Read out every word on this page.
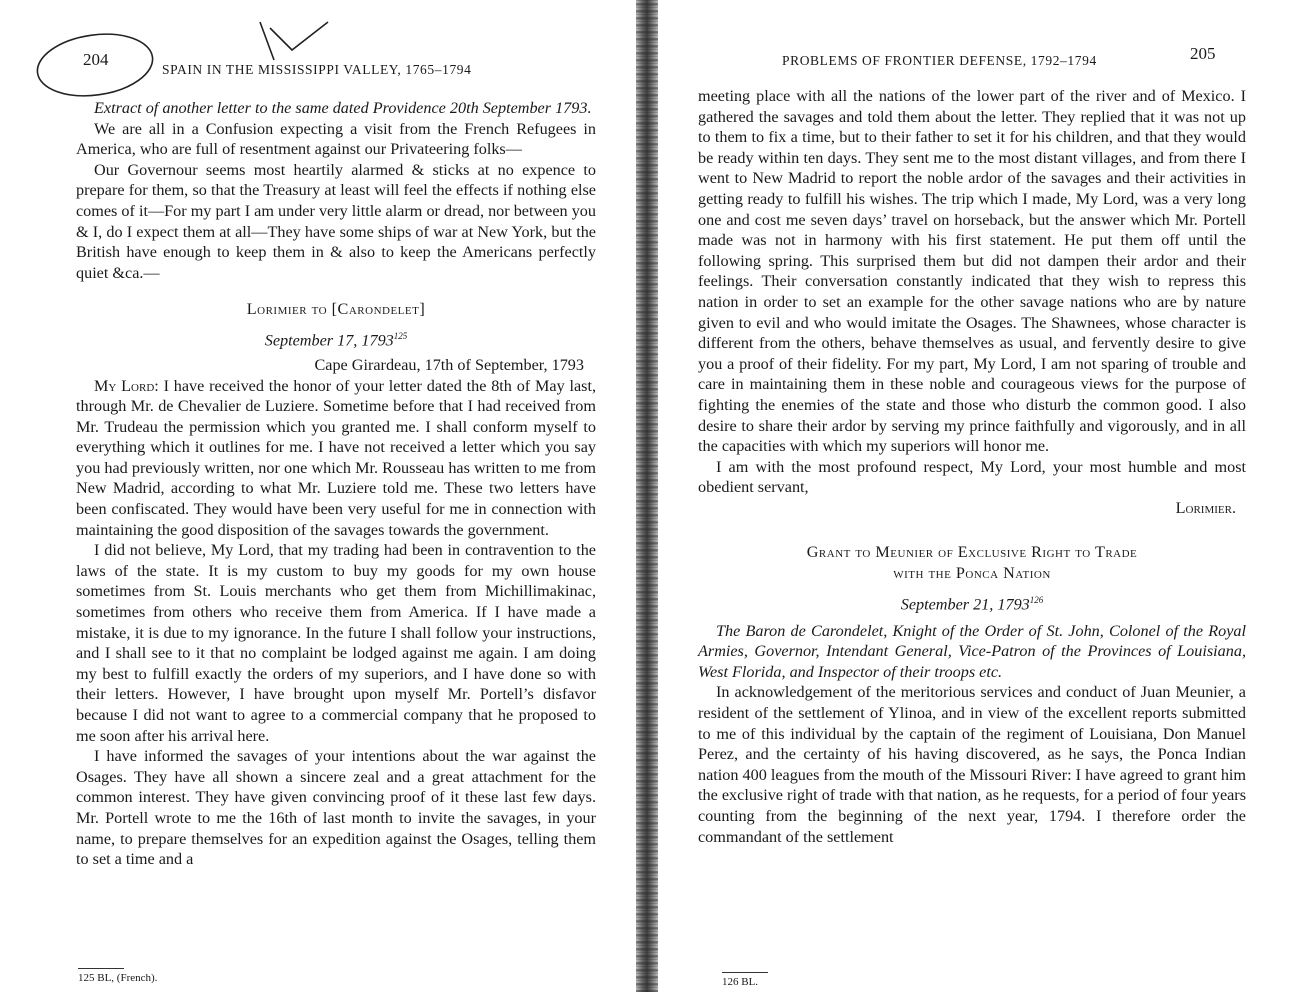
204
SPAIN IN THE MISSISSIPPI VALLEY, 1765–1794

Extract of another letter to the same dated Providence 20th September 1793.

We are all in a Confusion expecting a visit from the French Refugees in America, who are full of resentment against our Privateering folks—

Our Governour seems most heartily alarmed & sticks at no expence to prepare for them, so that the Treasury at least will feel the effects if nothing else comes of it—For my part I am under very little alarm or dread, nor between you & I, do I expect them at all—They have some ships of war at New York, but the British have enough to keep them in & also to keep the Americans perfectly quiet &ca.—

Lorimier to [Carondelet]

September 17, 1793$^{125}$

Cape Girardeau, 17th of September, 1793

My Lord: I have received the honor of your letter dated the 8th of May last, through Mr. de Chevalier de Luziere. Sometime before that I had received from Mr. Trudeau the permission which you granted me. I shall conform myself to everything which it outlines for me. I have not received a letter which you say you had previously written, nor one which Mr. Rousseau has written to me from New Madrid, according to what Mr. Luziere told me. These two letters have been confiscated. They would have been very useful for me in connection with maintaining the good disposition of the savages towards the government.

I did not believe, My Lord, that my trading had been in contravention to the laws of the state. It is my custom to buy my goods for my own house sometimes from St. Louis merchants who get them from Michillimakinac, sometimes from others who receive them from America. If I have made a mistake, it is due to my ignorance. In the future I shall follow your instructions, and I shall see to it that no complaint be lodged against me again. I am doing my best to fulfill exactly the orders of my superiors, and I have done so with their letters. However, I have brought upon myself Mr. Portell’s disfavor because I did not want to agree to a commercial company that he proposed to me soon after his arrival here.

I have informed the savages of your intentions about the war against the Osages. They have all shown a sincere zeal and a great attachment for the common interest. They have given convincing proof of it these last few days. Mr. Portell wrote to me the 16th of last month to invite the savages, in your name, to prepare themselves for an expedition against the Osages, telling them to set a time and a

125 BL, (French).
PROBLEMS OF FRONTIER DEFENSE, 1792–1794	205

meeting place with all the nations of the lower part of the river and of Mexico. I gathered the savages and told them about the letter. They replied that it was not up to them to fix a time, but to their father to set it for his children, and that they would be ready within ten days. They sent me to the most distant villages, and from there I went to New Madrid to report the noble ardor of the savages and their activities in getting ready to fulfill his wishes. The trip which I made, My Lord, was a very long one and cost me seven days’ travel on horseback, but the answer which Mr. Portell made was not in harmony with his first statement. He put them off until the following spring. This surprised them but did not dampen their ardor and their feelings. Their conversation constantly indicated that they wish to repress this nation in order to set an example for the other savage nations who are by nature given to evil and who would imitate the Osages. The Shawnees, whose character is different from the others, behave themselves as usual, and fervently desire to give you a proof of their fidelity. For my part, My Lord, I am not sparing of trouble and care in maintaining them in these noble and courageous views for the purpose of fighting the enemies of the state and those who disturb the common good. I also desire to share their ardor by serving my prince faithfully and vigorously, and in all the capacities with which my superiors will honor me.

I am with the most profound respect, My Lord, your most humble and most obedient servant,

Lorimier.

Grant to Meunier of Exclusive Right to Trade

with the Ponca Nation

September 21, 1793$^{126}$

The Baron de Carondelet, Knight of the Order of St. John, Colonel of the Royal Armies, Governor, Intendant General, Vice-Patron of the Provinces of Louisiana, West Florida, and Inspector of their troops etc.

In acknowledgement of the meritorious services and conduct of Juan Meunier, a resident of the settlement of Ylinoa, and in view of the excellent reports submitted to me of this individual by the captain of the regiment of Louisiana, Don Manuel Perez, and the certainty of his having discovered, as he says, the Ponca Indian nation 400 leagues from the mouth of the Missouri River: I have agreed to grant him the exclusive right of trade with that nation, as he requests, for a period of four years counting from the beginning of the next year, 1794. I therefore order the commandant of the settlement

126 BL.
